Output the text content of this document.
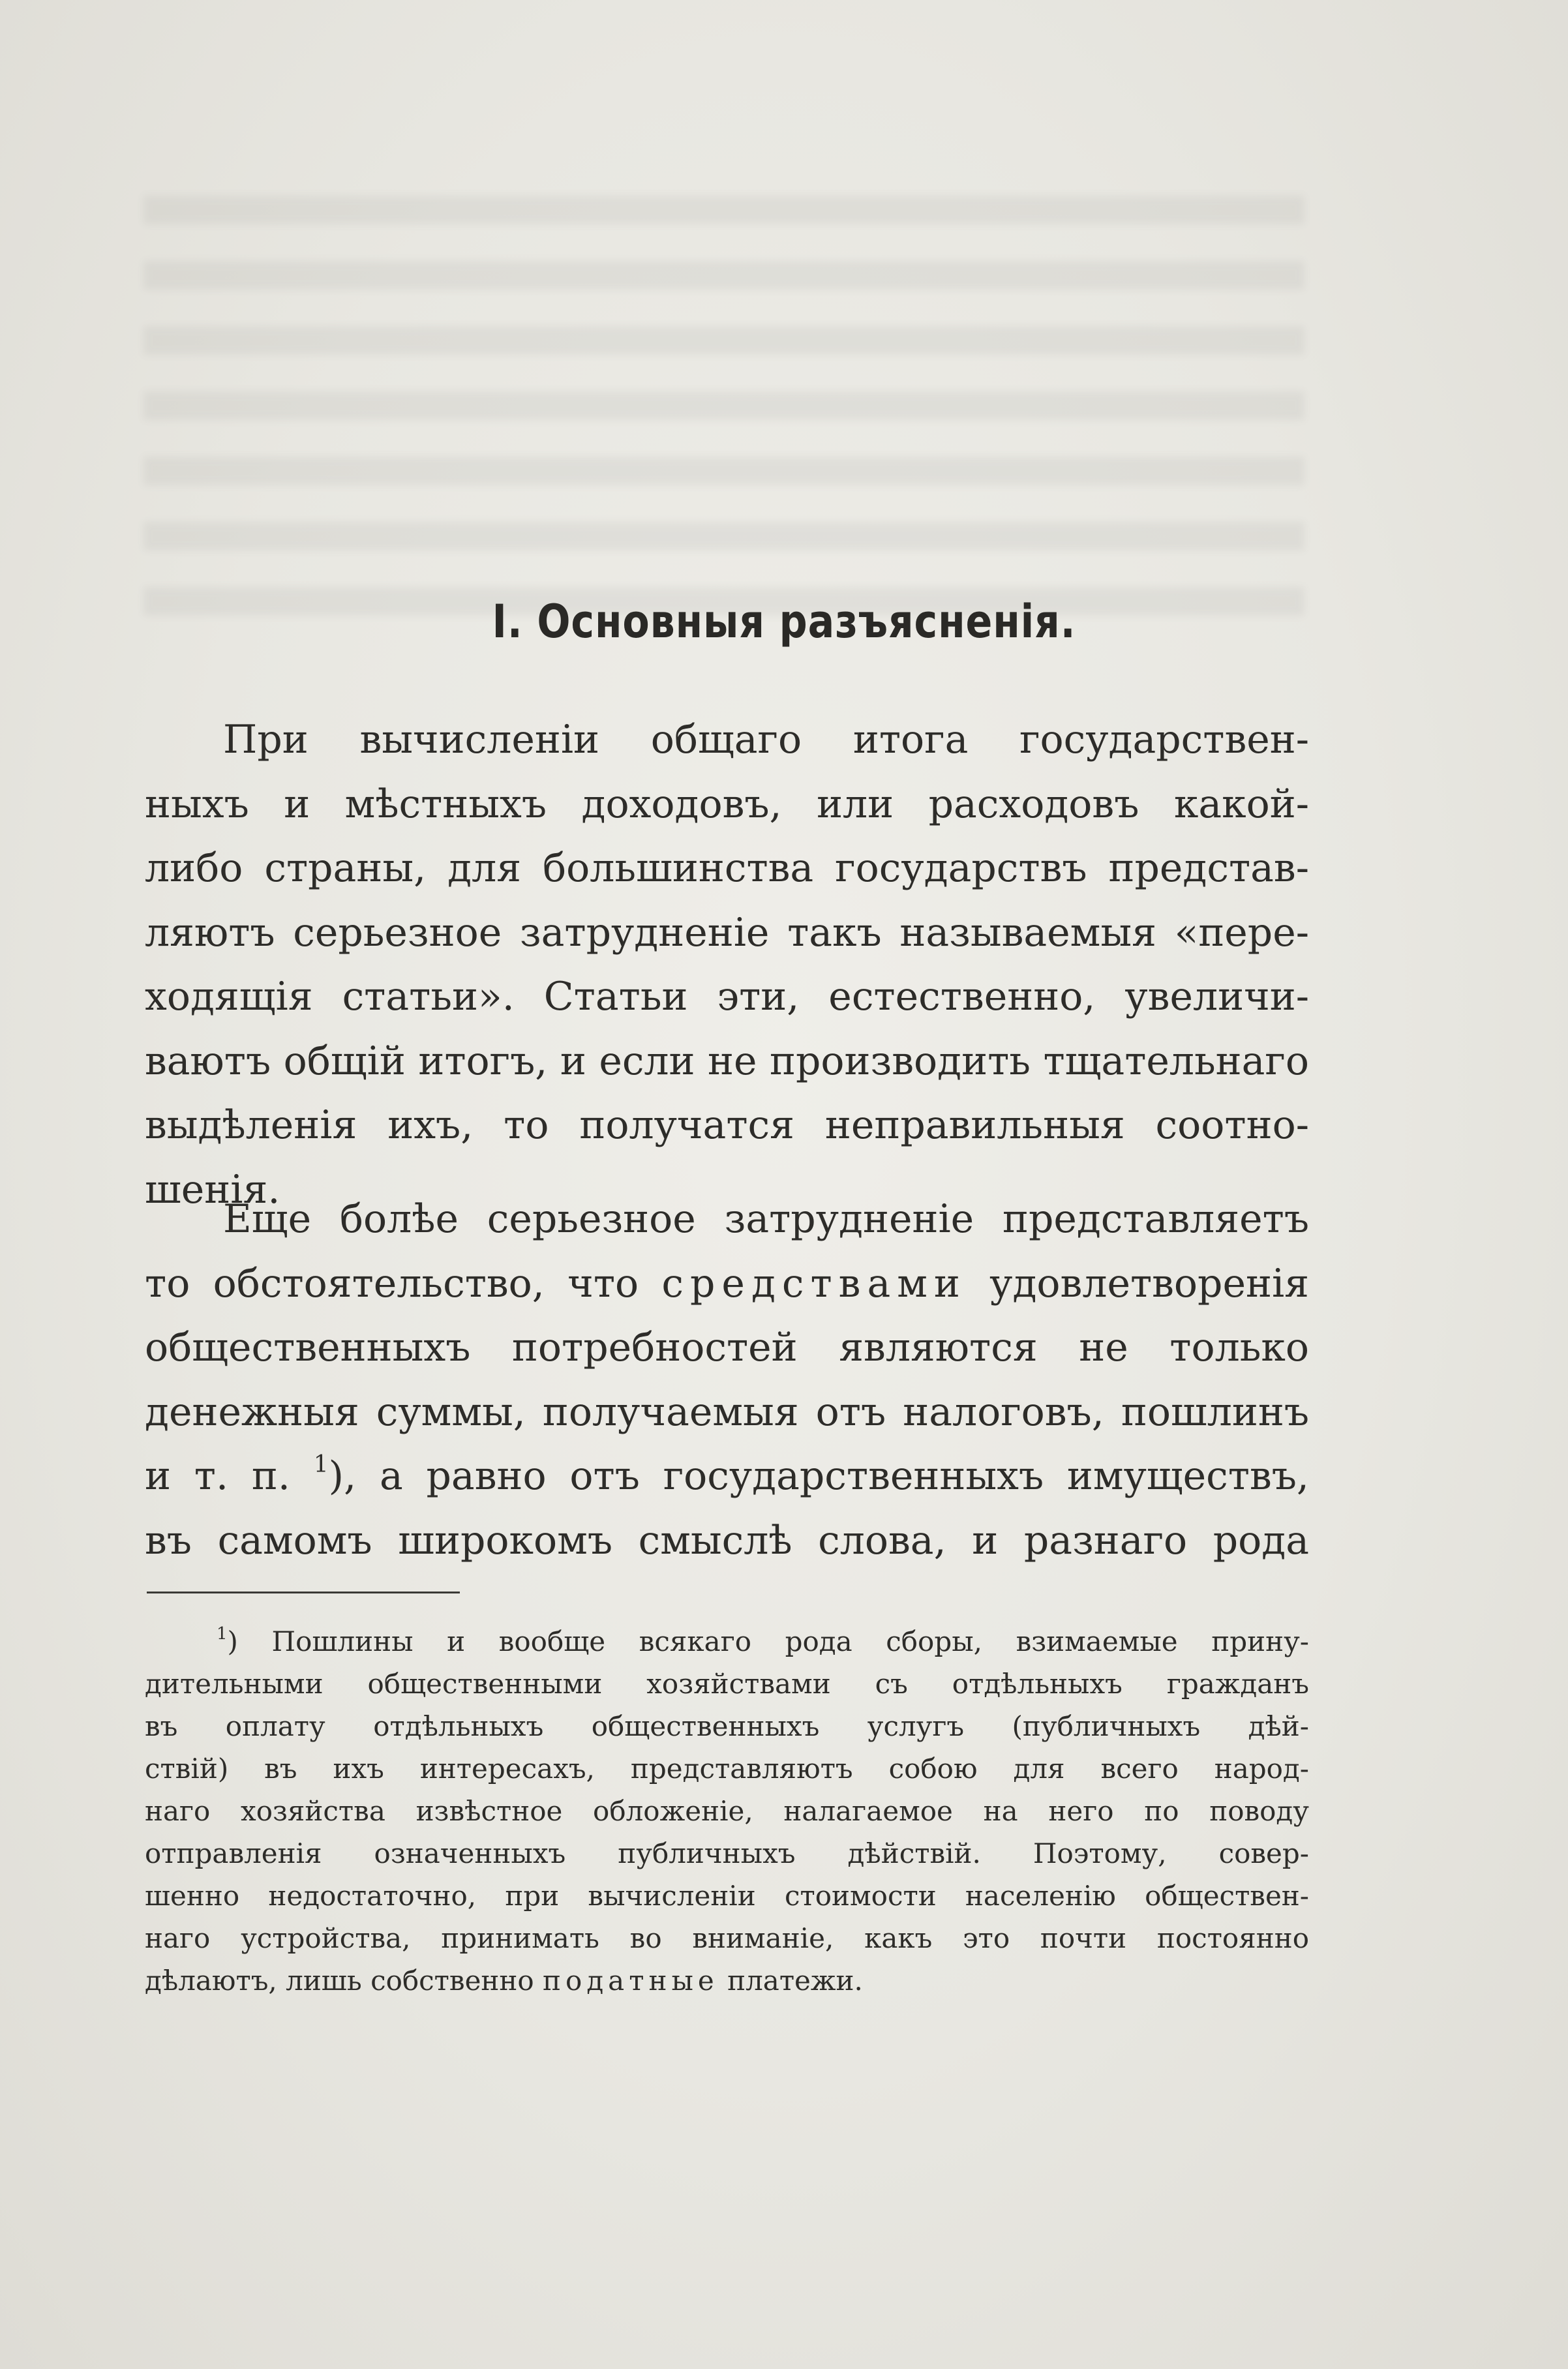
I. Основныя разъясненія.
При вычисленіи общаго итога государствен-
ныхъ и мѣстныхъ доходовъ, или расходовъ какой-
либо страны, для большинства государствъ представ-
ляютъ серьезное затрудненіе такъ называемыя «пере-
ходящія статьи». Статьи эти, естественно, увеличи-
ваютъ общій итогъ, и если не производить тщательнаго
выдѣленія ихъ, то получатся неправильныя соотно-
шенія.
Еще болѣе серьезное затрудненіе представляетъ
то обстоятельство, что средствами удовлетворенія
общественныхъ потребностей являются не только
денежныя суммы, получаемыя отъ налоговъ, пошлинъ
и т. п. $^1$), а равно отъ государственныхъ имуществъ,
въ самомъ широкомъ смыслѣ слова, и разнаго рода
$^1$) Пошлины и вообще всякаго рода сборы, взимаемые прину-
дительными общественными хозяйствами съ отдѣльныхъ гражданъ
въ оплату отдѣльныхъ общественныхъ услугъ (публичныхъ дѣй-
ствій) въ ихъ интересахъ, представляютъ собою для всего народ-
наго хозяйства извѣстное обложеніе, налагаемое на него по поводу
отправленія означенныхъ публичныхъ дѣйствій. Поэтому, совер-
шенно недостаточно, при вычисленіи стоимости населенію обществен-
наго устройства, принимать во вниманіе, какъ это почти постоянно
дѣлаютъ, лишь собственно податные платежи.
